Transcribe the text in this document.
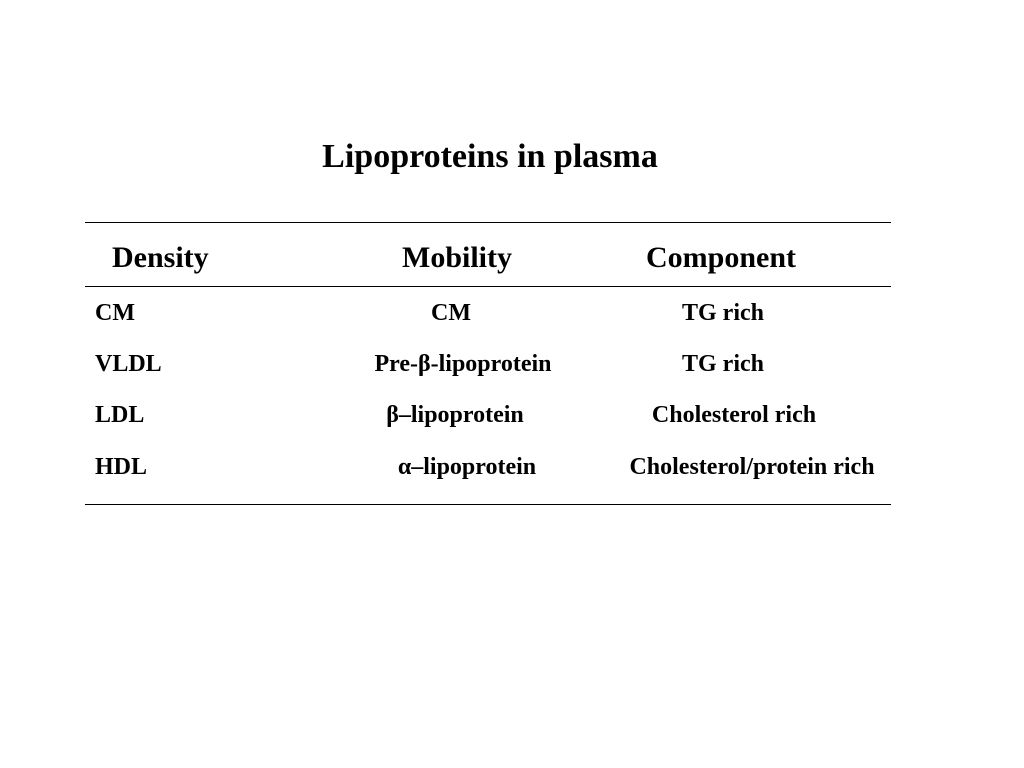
Lipoproteins in plasma
Density	Mobility	Component
CM	CM	TG rich
VLDL	Pre-β-lipoprotein	TG rich
LDL	β–lipoprotein	Cholesterol rich
HDL	α–lipoprotein	Cholesterol/protein rich
